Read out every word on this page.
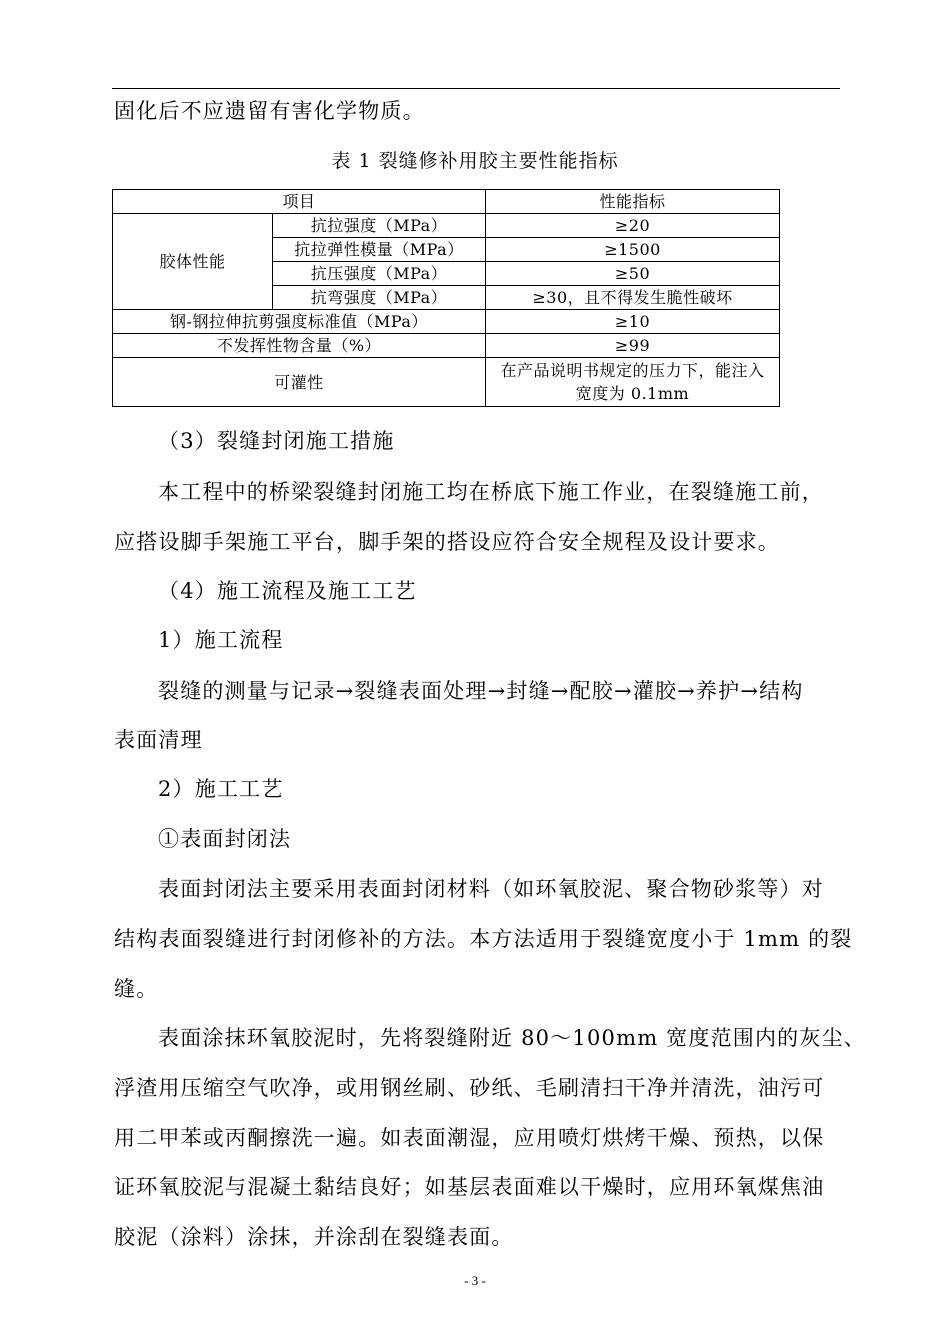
固化后不应遗留有害化学物质。
表 1 裂缝修补用胶主要性能指标
项目		性能指标
胶体性能	抗拉强度（MPa）	≥20
	抗拉弹性模量（MPa）	≥1500
	抗压强度（MPa）	≥50
	抗弯强度（MPa）	≥30，且不得发生脆性破坏
钢-钢拉伸抗剪强度标准值（MPa）		≥10
不发挥性物含量（%）		≥99
可灌性		在产品说明书规定的压力下，能注入宽度为 0.1mm
（3）裂缝封闭施工措施
本工程中的桥梁裂缝封闭施工均在桥底下施工作业，在裂缝施工前，
应搭设脚手架施工平台，脚手架的搭设应符合安全规程及设计要求。
（4）施工流程及施工工艺
1）施工流程
裂缝的测量与记录→裂缝表面处理→封缝→配胶→灌胶→养护→结构
表面清理
2）施工工艺
①表面封闭法
表面封闭法主要采用表面封闭材料（如环氧胶泥、聚合物砂浆等）对
结构表面裂缝进行封闭修补的方法。本方法适用于裂缝宽度小于 1mm 的裂
缝。
表面涂抹环氧胶泥时，先将裂缝附近 80～100mm 宽度范围内的灰尘、
浮渣用压缩空气吹净，或用钢丝刷、砂纸、毛刷清扫干净并清洗，油污可
用二甲苯或丙酮擦洗一遍。如表面潮湿，应用喷灯烘烤干燥、预热，以保
证环氧胶泥与混凝土黏结良好；如基层表面难以干燥时，应用环氧煤焦油
胶泥（涂料）涂抹，并涂刮在裂缝表面。
- 3 -
